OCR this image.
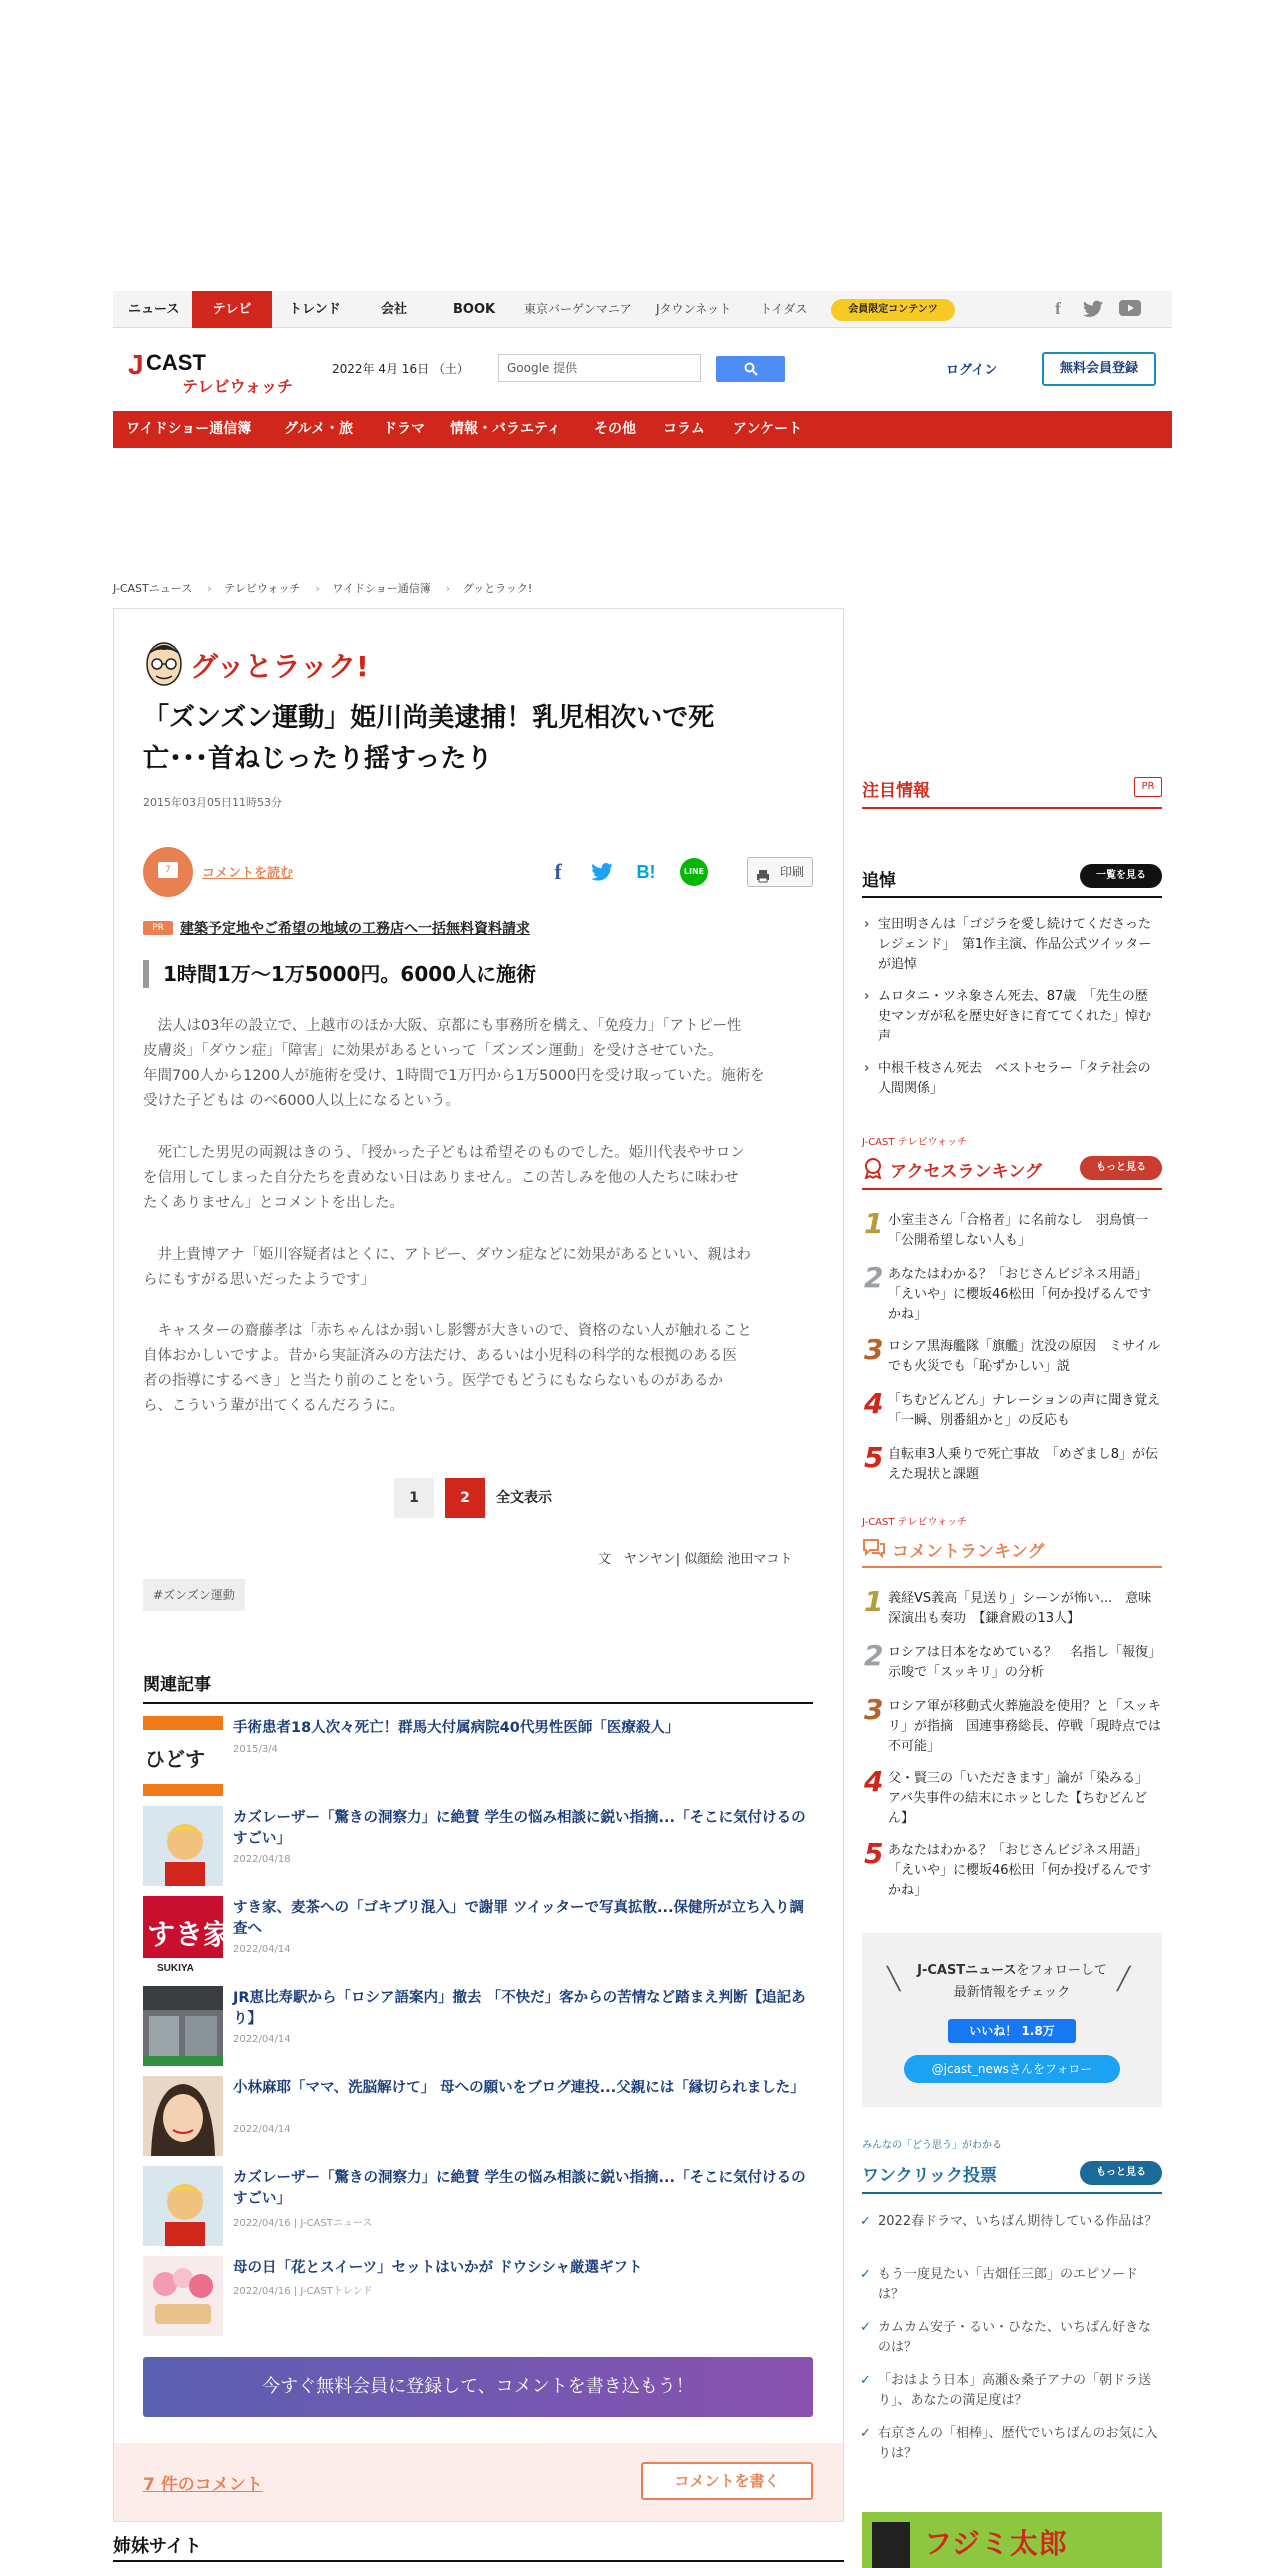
ニュース	テレビ	トレンド	会社	BOOK	東京バーゲンマニア Jタウンネット トイダス	会員限定コンテンツ	f
J CAST
テレビウォッチ
2022年 4月 16日 （土）	Google 提供	ログイン	無料会員登録
ワイドショー通信簿 グルメ・旅 ドラマ 情報・バラエティ その他 コラム アンケート
J-CASTニュース › テレビウォッチ › ワイドショー通信簿 › グッとラック!
グッとラック!
「ズンズン運動」姫川尚美逮捕！乳児相次いで死
亡･･･首ねじったり揺すったり
2015年03月05日11時53分
7	コメントを読む	f	B!	LINE	印刷
PR	建築予定地やご希望の地域の工務店へ一括無料資料請求
1時間1万～1万5000円。6000人に施術
　法人は03年の設立で、上越市のほか大阪、京都にも事務所を構え、「免疫力」「アトピー性
皮膚炎」「ダウン症」「障害」に効果があるといって「ズンズン運動」を受けさせていた。
年間700人から1200人が施術を受け、1時間で1万円から1万5000円を受け取っていた。施術を
受けた子どもは のべ6000人以上になるという。
　死亡した男児の両親はきのう、「授かった子どもは希望そのものでした。姫川代表やサロン
を信用してしまった自分たちを責めない日はありません。この苦しみを他の人たちに味わせ
たくありません」とコメントを出した。
　井上貴博アナ「姫川容疑者はとくに、アトピー、ダウン症などに効果があるといい、親はわ
らにもすがる思いだったようです」
　キャスターの齋藤孝は「赤ちゃんはか弱いし影響が大きいので、資格のない人が触れること
自体おかしいですよ。昔から実証済みの方法だけ、あるいは小児科の科学的な根拠のある医
者の指導にするべき」と当たり前のことをいう。医学でもどうにもならないものがあるか
ら、こういう輩が出てくるんだろうに。
1	2	全文表示
文　ヤンヤン| 似顔絵 池田マコト
#ズンズン運動
関連記事
ひどす
手術患者18人次々死亡！群馬大付属病院40代男性医師「医療殺人」
2015/3/4
カズレーザー「驚きの洞察力」に絶賛 学生の悩み相談に鋭い指摘...「そこに気付けるのすごい」
2022/04/18
すき家
SUKIYA
すき家、麦茶への「ゴキブリ混入」で謝罪 ツイッターで写真拡散...保健所が立ち入り調査へ
2022/04/14
JR恵比寿駅から「ロシア語案内」撤去 「不快だ」客からの苦情など踏まえ判断【追記あり】
2022/04/14
小林麻耶「ママ、洗脳解けて」 母への願いをブログ連投...父親には「縁切られました」
2022/04/14
カズレーザー「驚きの洞察力」に絶賛 学生の悩み相談に鋭い指摘...「そこに気付けるのすごい」
2022/04/16 | J-CASTニュース
母の日「花とスイーツ」セットはいかが ドウシシャ厳選ギフト
2022/04/16 | J-CASTトレンド
今すぐ無料会員に登録して、コメントを書き込もう！
7 件のコメント	コメントを書く
姉妹サイト
注目情報	PR
追悼	一覧を見る
› 宝田明さんは「ゴジラを愛し続けてくださったレジェンド」　第1作主演、作品公式ツイッターが追悼
› ムロタニ・ツネ象さん死去、87歳　「先生の歴史マンガが私を歴史好きに育ててくれた」悼む声
› 中根千枝さん死去　ベストセラー「タテ社会の人間関係」
J-CAST テレビウォッチ
アクセスランキング	もっと見る
1 小室圭さん「合格者」に名前なし　羽鳥慎一「公開希望しない人も」
2 あなたはわかる？「おじさんビジネス用語」　「えいや」に櫻坂46松田「何か投げるんですかね」
3 ロシア黒海艦隊「旗艦」沈没の原因　ミサイルでも火災でも「恥ずかしい」説
4 「ちむどんどん」ナレーションの声に聞き覚え　「一瞬、別番組かと」の反応も
5 自転車3人乗りで死亡事故　「めざまし8」が伝えた現状と課題
J-CAST テレビウォッチ
コメントランキング
1 義経VS義高「見送り」シーンが怖い...　意味深演出も奏功　【鎌倉殿の13人】
2 ロシアは日本をなめている？　名指し「報復」示唆で「スッキリ」の分析
3 ロシア軍が移動式火葬施設を使用？と「スッキリ」が指摘　国連事務総長、停戦「現時点では不可能」
4 父・賢三の「いただきます」論が「染みる」　アバ失事件の結末にホッとした【ちむどんどん】
5 あなたはわかる？「おじさんビジネス用語」　「えいや」に櫻坂46松田「何か投げるんですかね」
J-CASTニュースをフォローして
最新情報をチェック
╲	╱
いいね！ 1.8万
@jcast_newsさんをフォロー
みんなの「どう思う」がわかる
ワンクリック投票	もっと見る
✓ 2022春ドラマ、いちばん期待している作品は？
✓ もう一度見たい「古畑任三郎」のエピソードは？
✓ カムカム安子・るい・ひなた、いちばん好きなのは？
✓ 「おはよう日本」高瀬＆桑子アナの「朝ドラ送り」、あなたの満足度は？
✓ 右京さんの「相棒」、歴代でいちばんのお気に入りは？
フジミ太郎
